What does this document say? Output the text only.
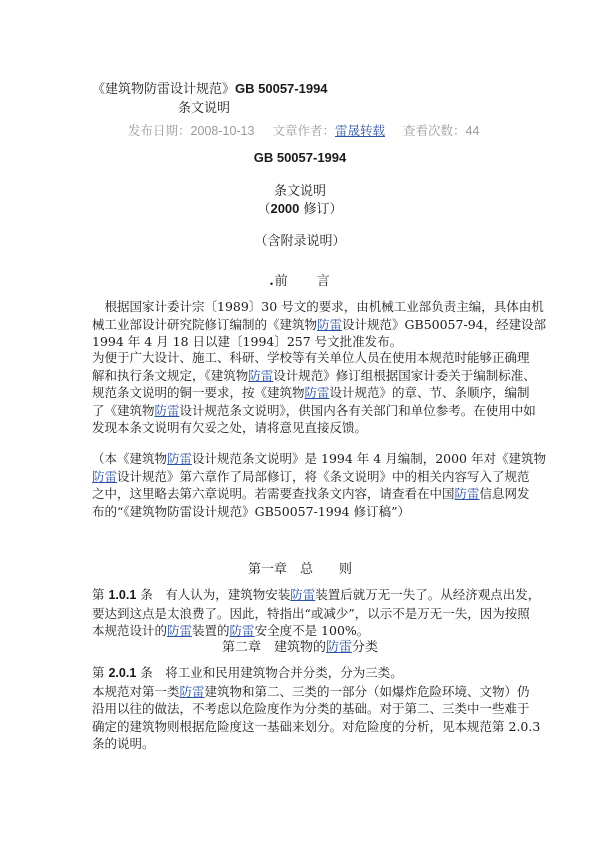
《建筑物防雷设计规范》GB 50057-1994
条文说明
发布日期：2008-10-13 文章作者：雷晟转载 查看次数：44
GB 50057-1994
条文说明
（2000 修订）
（含附录说明）
.前　　言
　根据国家计委计宗〔1989〕30 号文的要求，由机械工业部负责主编，具体由机
械工业部设计研究院修订编制的《建筑物防雷设计规范》GB50057-94，经建设部
1994 年 4 月 18 日以建〔1994〕257 号文批准发布。
为便于广大设计、施工、科研、学校等有关单位人员在使用本规范时能够正确理
解和执行条文规定，《建筑物防雷设计规范》修订组根据国家计委关于编制标准、
规范条文说明的铜一要求，按《建筑物防雷设计规范》的章、节、条顺序，编制
了《建筑物防雷设计规范条文说明》，供国内各有关部门和单位参考。在使用中如
发现本条文说明有欠妥之处，请将意见直接反馈。
（本《建筑物防雷设计规范条文说明》是 1994 年 4 月编制，2000 年对《建筑物
防雷设计规范》第六章作了局部修订，将《条文说明》中的相关内容写入了规范
之中，这里略去第六章说明。若需要查找条文内容，请查看在中国防雷信息网发
布的“《建筑物防雷设计规范》GB50057-1994 修订稿”）
第一章　总　　则
第 1.0.1 条　有人认为，建筑物安装防雷装置后就万无一失了。从经济观点出发，
要达到这点是太浪费了。因此，特指出“或减少”，以示不是万无一失，因为按照
本规范设计的防雷装置的防雷安全度不是 100%。
第二章　建筑物的防雷分类
第 2.0.1 条　将工业和民用建筑物合并分类，分为三类。
本规范对第一类防雷建筑物和第二、三类的一部分（如爆炸危险环境、文物）仍
沿用以往的做法，不考虑以危险度作为分类的基础。对于第二、三类中一些难于
确定的建筑物则根据危险度这一基础来划分。对危险度的分析，见本规范第 2.0.3
条的说明。
